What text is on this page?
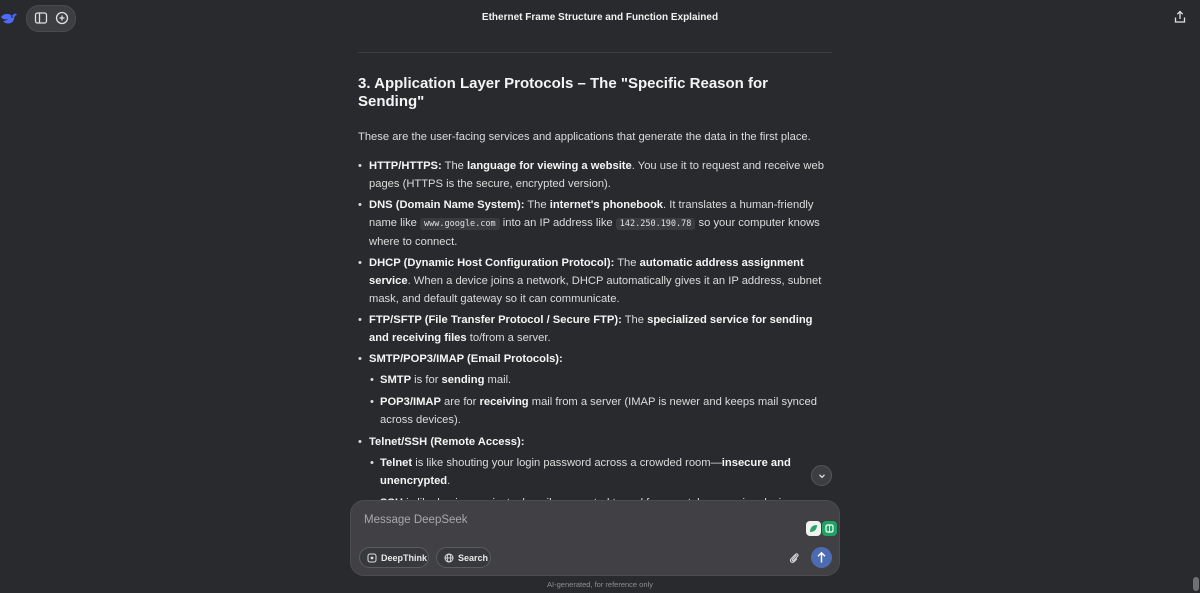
Ethernet Frame Structure and Function Explained
3. Application Layer Protocols – The "Specific Reason for Sending"

These are the user-facing services and applications that generate the data in the first place.

• HTTP/HTTPS: The language for viewing a website. You use it to request and receive web pages (HTTPS is the secure, encrypted version).
• DNS (Domain Name System): The internet's phonebook. It translates a human-friendly name like www.google.com into an IP address like 142.250.190.78 so your computer knows where to connect.
• DHCP (Dynamic Host Configuration Protocol): The automatic address assignment service. When a device joins a network, DHCP automatically gives it an IP address, subnet mask, and default gateway so it can communicate.
• FTP/SFTP (File Transfer Protocol / Secure FTP): The specialized service for sending and receiving files to/from a server.
• SMTP/POP3/IMAP (Email Protocols):
• SMTP is for sending mail.
• POP3/IMAP are for receiving mail from a server (IMAP is newer and keeps mail synced across devices).
• Telnet/SSH (Remote Access):
• Telnet is like shouting your login password across a crowded room—insecure and unencrypted.
•
Message DeepSeek
DeepThink	Search
AI-generated, for reference only
